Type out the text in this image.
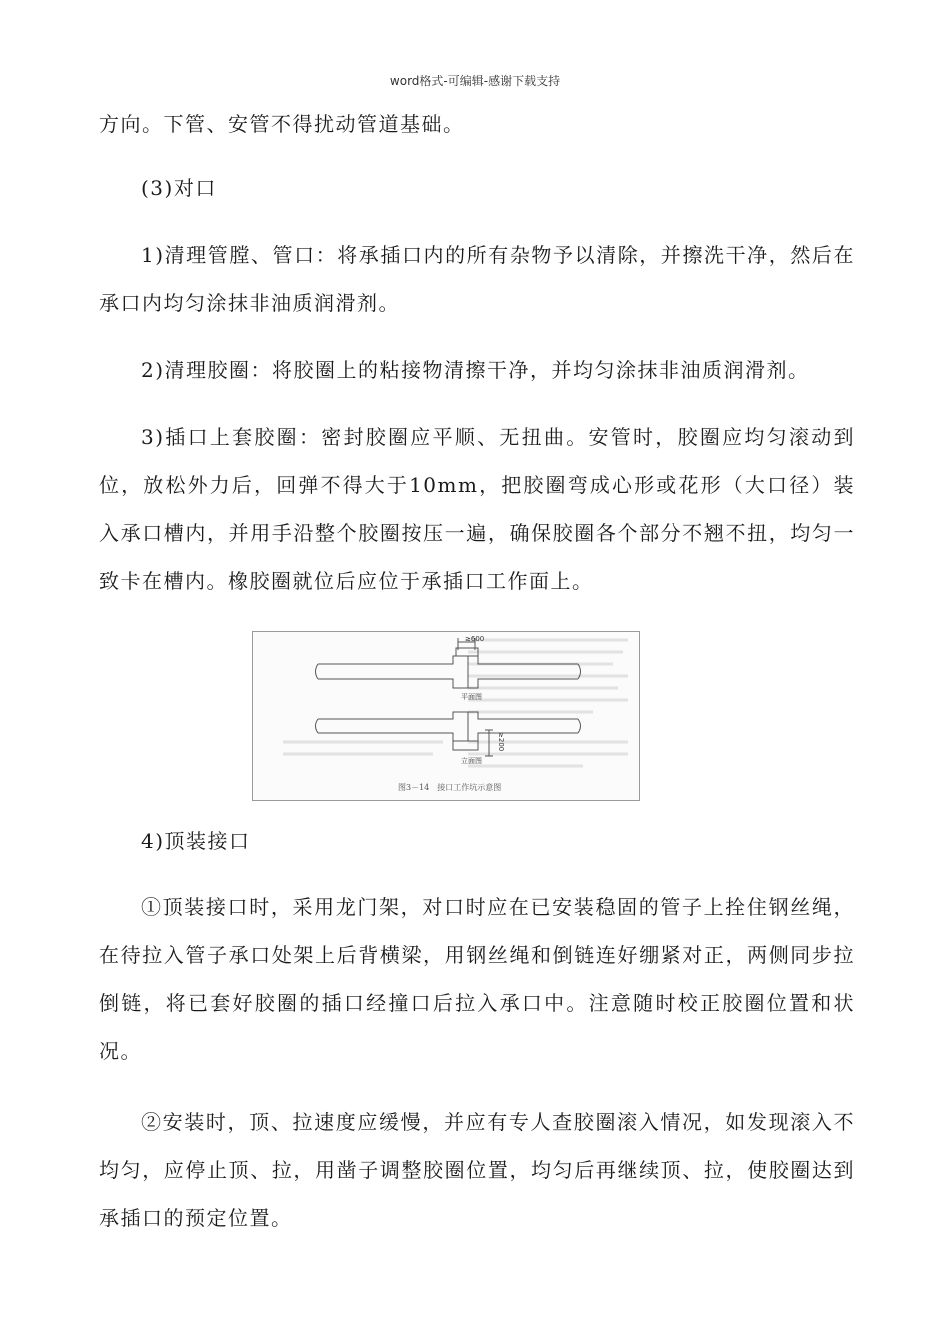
word格式-可编辑-感谢下载支持

方向。下管、安管不得扰动管道基础。

(3)对口

1)清理管膛、管口：将承插口内的所有杂物予以清除，并擦洗干净，然后在承口内均匀涂抹非油质润滑剂。

2)清理胶圈：将胶圈上的粘接物清擦干净，并均匀涂抹非油质润滑剂。

3)插口上套胶圈：密封胶圈应平顺、无扭曲。安管时，胶圈应均匀滚动到位，放松外力后，回弹不得大于10mm，把胶圈弯成心形或花形（大口径）装入承口槽内，并用手沿整个胶圈按压一遍，确保胶圈各个部分不翘不扭，均匀一致卡在槽内。橡胶圈就位后应位于承插口工作面上。

≥600
平面图
立面图
≥200
图3－14　接口工作坑示意图

4)顶装接口

①顶装接口时，采用龙门架，对口时应在已安装稳固的管子上拴住钢丝绳，在待拉入管子承口处架上后背横梁，用钢丝绳和倒链连好绷紧对正，两侧同步拉倒链，将已套好胶圈的插口经撞口后拉入承口中。注意随时校正胶圈位置和状况。

②安装时，顶、拉速度应缓慢，并应有专人查胶圈滚入情况，如发现滚入不均匀，应停止顶、拉，用凿子调整胶圈位置，均匀后再继续顶、拉，使胶圈达到承插口的预定位置。
